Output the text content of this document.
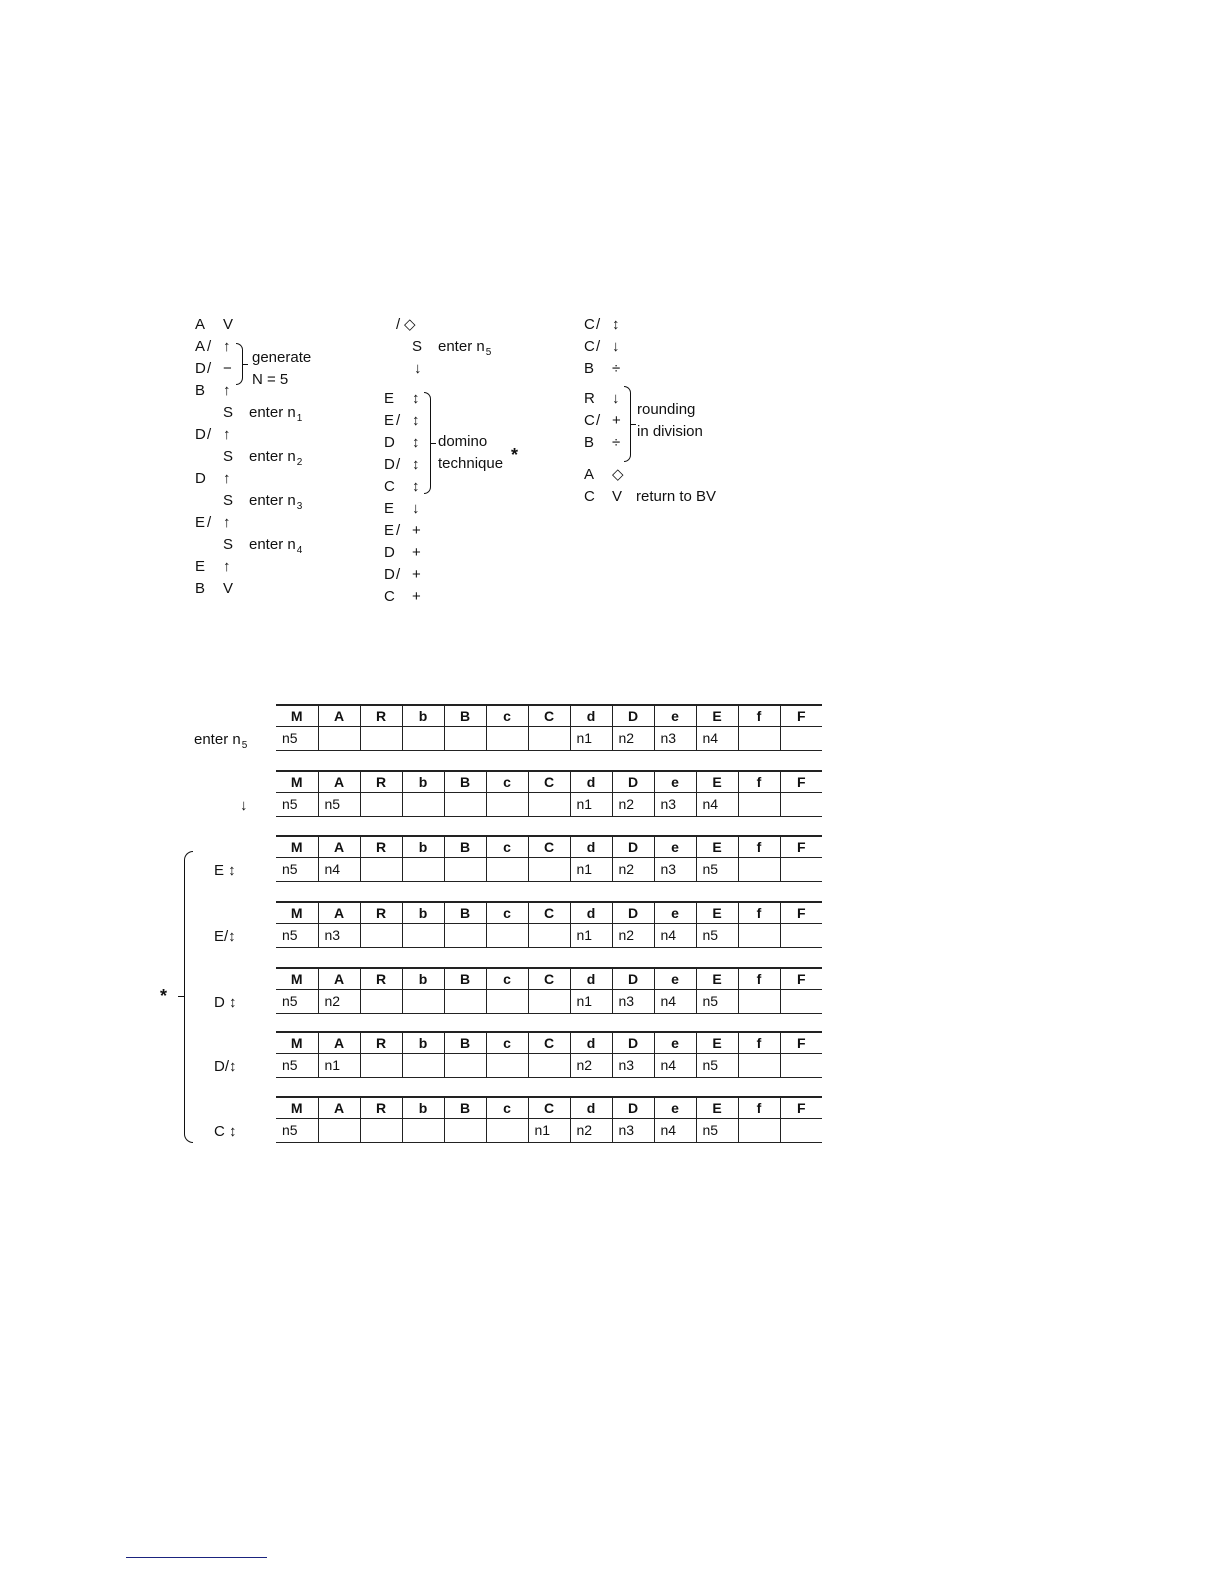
A V
A / ↑
D / −
B ↑
S enter $n_1$
D / ↑
S enter $n_2$
D ↑
S enter $n_3$
E / ↑
S enter $n_4$
E ↑
B V
/ ◇
S enter $n_5$
↓
E ↕
E / ↕
D ↕
D / ↕
C ↕
E ↓
E / +
D +
D / +
C +
C / ↕
C / ↓
B ÷
R ↓
C / +
B ÷
A ◇
C V return to BV
generate
N = 5
domino
technique *
rounding
in division
enter $n_5$
M	A	R	b	B	c	C	d	D	e	E	f	F
n5							n1	n2	n3	n4		
↓
M	A	R	b	B	c	C	d	D	e	E	f	F
n5	n5						n1	n2	n3	n4		
E ↕
M	A	R	b	B	c	C	d	D	e	E	f	F
n5	n4						n1	n2	n3	n5		
E/↕
M	A	R	b	B	c	C	d	D	e	E	f	F
n5	n3						n1	n2	n4	n5		
D ↕
M	A	R	b	B	c	C	d	D	e	E	f	F
n5	n2						n1	n3	n4	n5		
D/↕
M	A	R	b	B	c	C	d	D	e	E	f	F
n5	n1						n2	n3	n4	n5		
C ↕
M	A	R	b	B	c	C	d	D	e	E	f	F
n5						n1	n2	n3	n4	n5		
*
